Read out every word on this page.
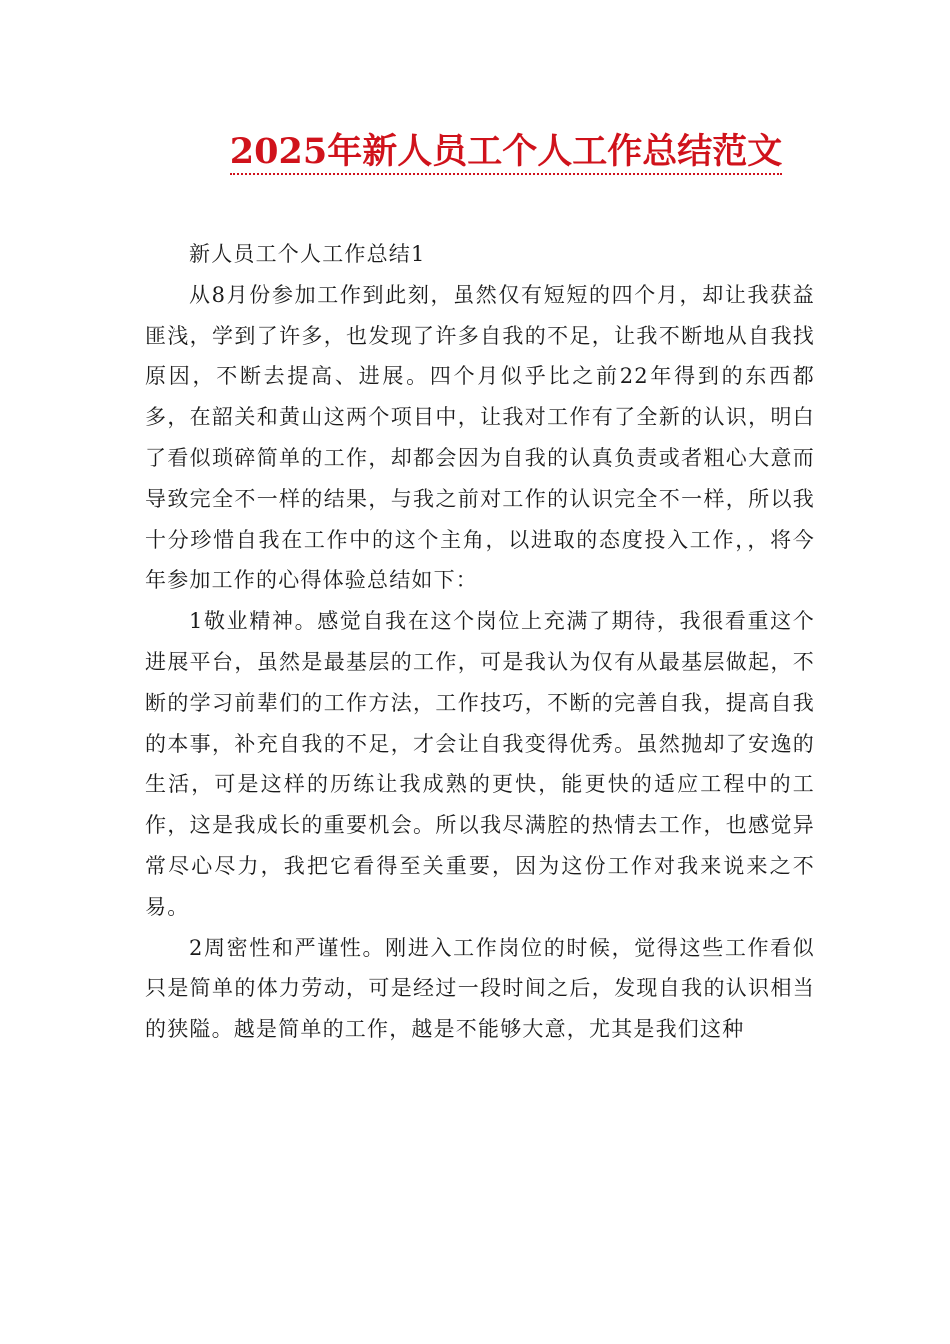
2025年新人员工个人工作总结范文

新人员工个人工作总结1

从8月份参加工作到此刻，虽然仅有短短的四个月，却让我获益匪浅，学到了许多，也发现了许多自我的不足，让我不断地从自我找原因，不断去提高、进展。四个月似乎比之前22年得到的东西都多，在韶关和黄山这两个项目中，让我对工作有了全新的认识，明白了看似琐碎简单的工作，却都会因为自我的认真负责或者粗心大意而导致完全不一样的结果，与我之前对工作的认识完全不一样，所以我十分珍惜自我在工作中的这个主角，以进取的态度投入工作，，将今年参加工作的心得体验总结如下：

1敬业精神。感觉自我在这个岗位上充满了期待，我很看重这个进展平台，虽然是最基层的工作，可是我认为仅有从最基层做起，不断的学习前辈们的工作方法，工作技巧，不断的完善自我，提高自我的本事，补充自我的不足，才会让自我变得优秀。虽然抛却了安逸的生活，可是这样的历练让我成熟的更快，能更快的适应工程中的工作，这是我成长的重要机会。所以我尽满腔的热情去工作，也感觉异常尽心尽力，我把它看得至关重要，因为这份工作对我来说来之不易。

2周密性和严谨性。刚进入工作岗位的时候，觉得这些工作看似只是简单的体力劳动，可是经过一段时间之后，发现自我的认识相当的狭隘。越是简单的工作，越是不能够大意，尤其是我们这种
